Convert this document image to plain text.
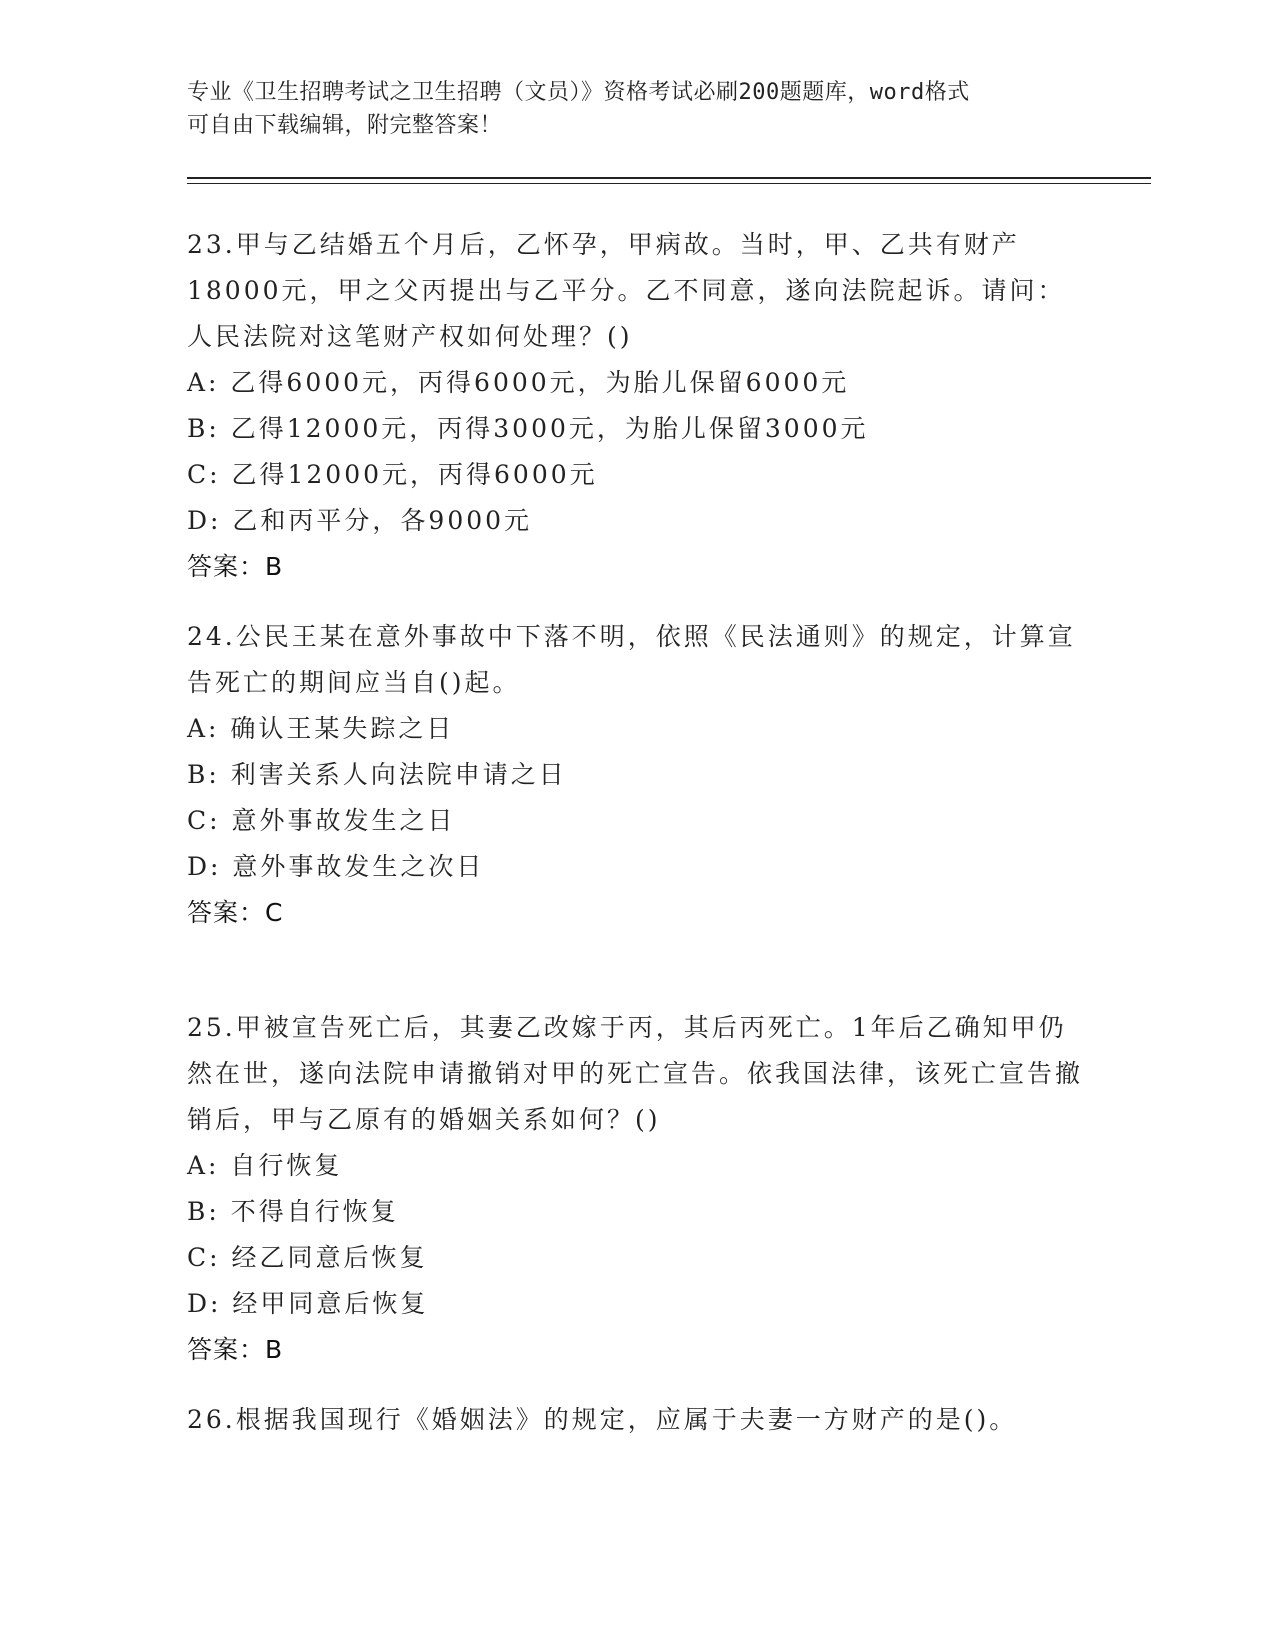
专业《卫生招聘考试之卫生招聘（文员）》资格考试必刷200题题库，word格式
可自由下载编辑，附完整答案！
23.甲与乙结婚五个月后，乙怀孕，甲病故。当时，甲、乙共有财产18000元，甲之父丙提出与乙平分。乙不同意，遂向法院起诉。请问：人民法院对这笔财产权如何处理？()
A: 乙得6000元，丙得6000元，为胎儿保留6000元
B: 乙得12000元，丙得3000元，为胎儿保留3000元
C: 乙得12000元，丙得6000元
D: 乙和丙平分，各9000元
答案：B
24.公民王某在意外事故中下落不明，依照《民法通则》的规定，计算宣告死亡的期间应当自()起。
A: 确认王某失踪之日
B: 利害关系人向法院申请之日
C: 意外事故发生之日
D: 意外事故发生之次日
答案：C
25.甲被宣告死亡后，其妻乙改嫁于丙，其后丙死亡。1年后乙确知甲仍然在世，遂向法院申请撤销对甲的死亡宣告。依我国法律，该死亡宣告撤销后，甲与乙原有的婚姻关系如何？()
A: 自行恢复
B: 不得自行恢复
C: 经乙同意后恢复
D: 经甲同意后恢复
答案：B
26.根据我国现行《婚姻法》的规定，应属于夫妻一方财产的是()。
